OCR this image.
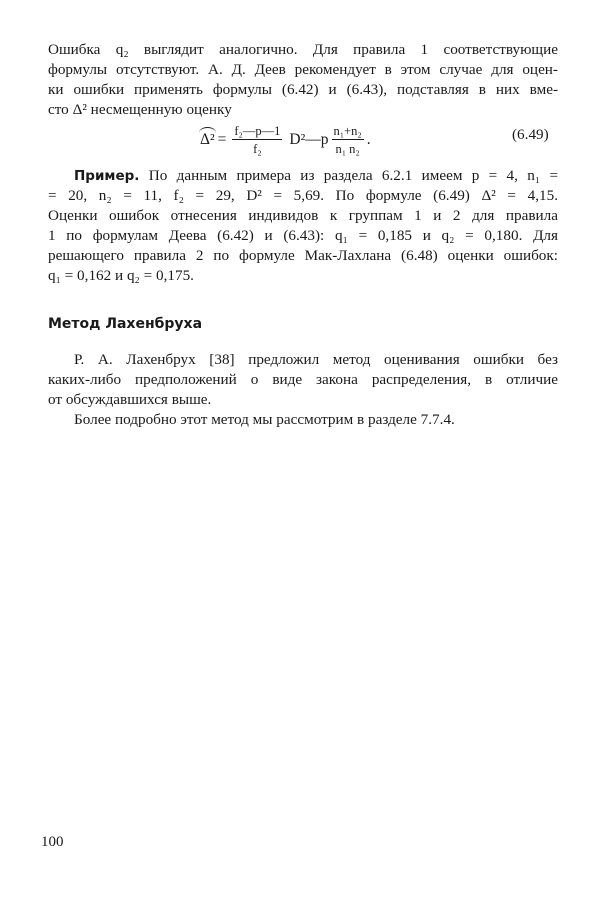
Ошибка q₂ выглядит аналогично. Для правила 1 соответствующие
формулы отсутствуют. А. Д. Деев рекомендует в этом случае для оцен-
ки ошибки применять формулы (6.42) и (6.43), подставляя в них вме-
сто Δ² несмещенную оценку
$\Delta^2 = \frac{\text{f₂—p—1}}{\text{f₂}}$ D²—p $\frac{\text{n₁+n₂}}{\text{n₁ n₂}}$ .	(6.49)
Пример. По данным примера из раздела 6.2.1 имеем p = 4, n₁ =
= 20, n₂ = 11, f₂ = 29, D² = 5,69. По формуле (6.49) Δ² = 4,15.
Оценки ошибок отнесения индивидов к группам 1 и 2 для правила
1 по формулам Деева (6.42) и (6.43): q₁ = 0,185 и q₂ = 0,180. Для
решающего правила 2 по формуле Мак-Лахлана (6.48) оценки ошибок:
q₁ = 0,162 и q₂ = 0,175.
Метод Лахенбруха
Р. А. Лахенбрух [38] предложил метод оценивания ошибки без
каких-либо предположений о виде закона распределения, в отличие
от обсуждавшихся выше.
Более подробно этот метод мы рассмотрим в разделе 7.7.4.
100
